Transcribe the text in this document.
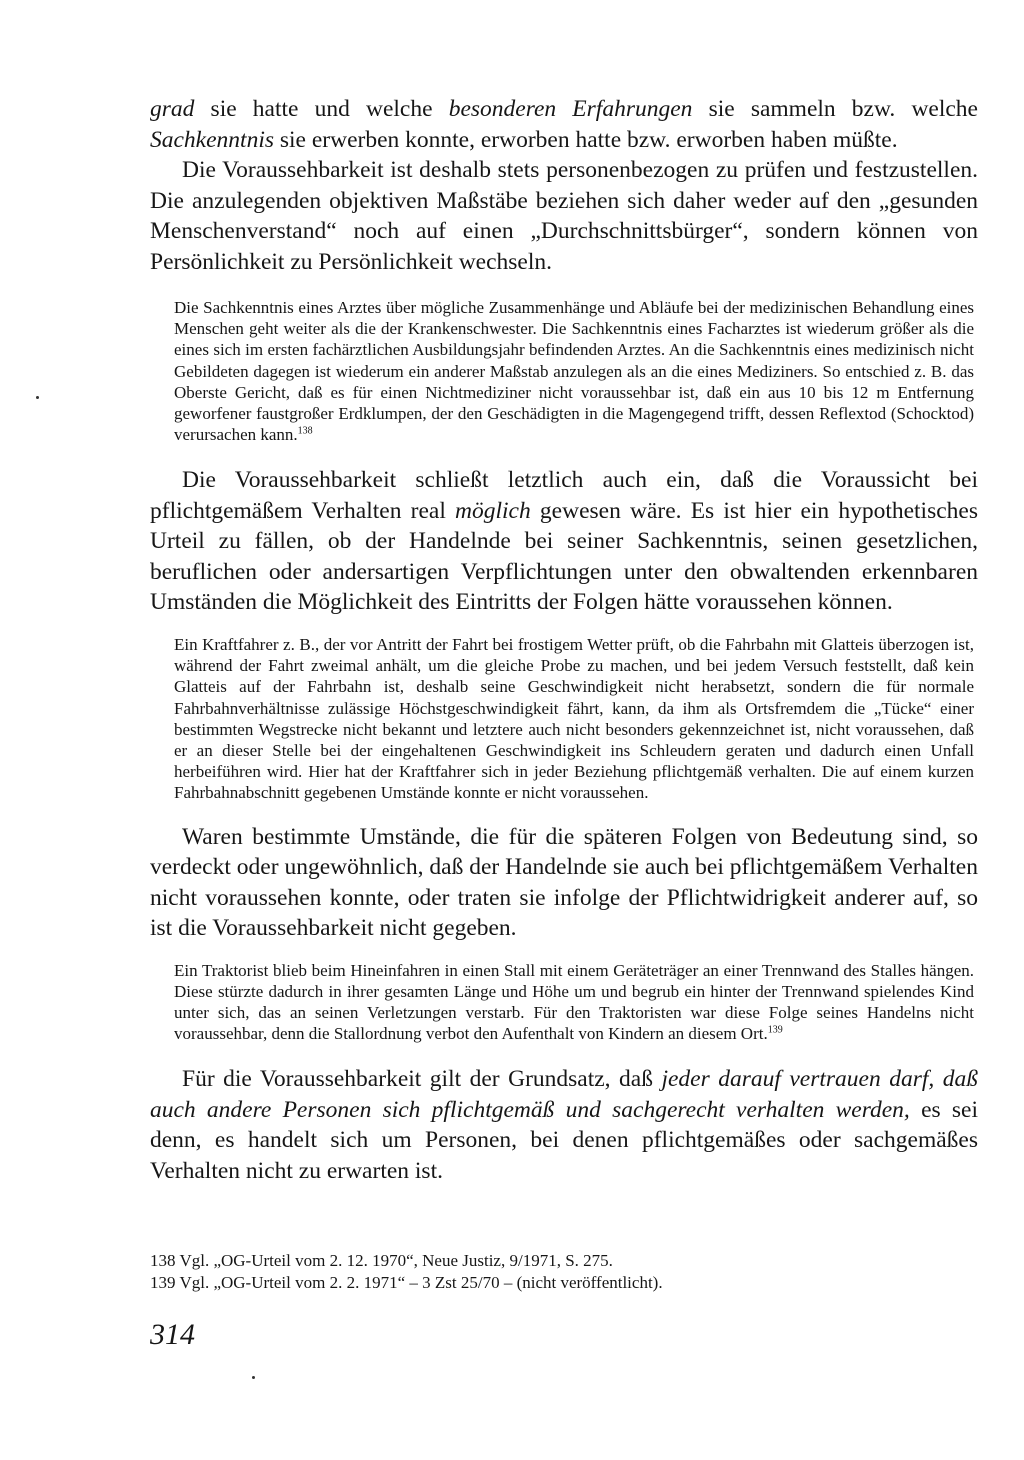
grad sie hatte und welche besonderen Erfahrungen sie sammeln bzw. welche Sachkenntnis sie erwerben konnte, erworben hatte bzw. erworben haben müßte.

Die Voraussehbarkeit ist deshalb stets personenbezogen zu prüfen und festzustellen. Die anzulegenden objektiven Maßstäbe beziehen sich daher weder auf den „gesunden Menschenverstand“ noch auf einen „Durchschnittsbürger“, sondern können von Persönlichkeit zu Persönlichkeit wechseln.

Die Sachkenntnis eines Arztes über mögliche Zusammenhänge und Abläufe bei der medizinischen Behandlung eines Menschen geht weiter als die der Krankenschwester. Die Sachkenntnis eines Facharztes ist wiederum größer als die eines sich im ersten fachärztlichen Ausbildungsjahr befindenden Arztes. An die Sachkenntnis eines medizinisch nicht Gebildeten dagegen ist wiederum ein anderer Maßstab anzulegen als an die eines Mediziners. So entschied z. B. das Oberste Gericht, daß es für einen Nichtmediziner nicht voraussehbar ist, daß ein aus 10 bis 12 m Entfernung geworfener faustgroßer Erdklumpen, der den Geschädigten in die Magengegend trifft, dessen Reflextod (Schocktod) verursachen kann.$^{138}$

Die Voraussehbarkeit schließt letztlich auch ein, daß die Voraussicht bei pflichtgemäßem Verhalten real möglich gewesen wäre. Es ist hier ein hypothetisches Urteil zu fällen, ob der Handelnde bei seiner Sachkenntnis, seinen gesetzlichen, beruflichen oder andersartigen Verpflichtungen unter den obwaltenden erkennbaren Umständen die Möglichkeit des Eintritts der Folgen hätte voraussehen können.

Ein Kraftfahrer z. B., der vor Antritt der Fahrt bei frostigem Wetter prüft, ob die Fahrbahn mit Glatteis überzogen ist, während der Fahrt zweimal anhält, um die gleiche Probe zu machen, und bei jedem Versuch feststellt, daß kein Glatteis auf der Fahrbahn ist, deshalb seine Geschwindigkeit nicht herabsetzt, sondern die für normale Fahrbahnverhältnisse zulässige Höchstgeschwindigkeit fährt, kann, da ihm als Ortsfremdem die „Tücke“ einer bestimmten Wegstrecke nicht bekannt und letztere auch nicht besonders gekennzeichnet ist, nicht voraussehen, daß er an dieser Stelle bei der eingehaltenen Geschwindigkeit ins Schleudern geraten und dadurch einen Unfall herbeiführen wird. Hier hat der Kraftfahrer sich in jeder Beziehung pflichtgemäß verhalten. Die auf einem kurzen Fahrbahnabschnitt gegebenen Umstände konnte er nicht voraussehen.

Waren bestimmte Umstände, die für die späteren Folgen von Bedeutung sind, so verdeckt oder ungewöhnlich, daß der Handelnde sie auch bei pflichtgemäßem Verhalten nicht voraussehen konnte, oder traten sie infolge der Pflichtwidrigkeit anderer auf, so ist die Voraussehbarkeit nicht gegeben.

Ein Traktorist blieb beim Hineinfahren in einen Stall mit einem Geräteträger an einer Trennwand des Stalles hängen. Diese stürzte dadurch in ihrer gesamten Länge und Höhe um und begrub ein hinter der Trennwand spielendes Kind unter sich, das an seinen Verletzungen verstarb. Für den Traktoristen war diese Folge seines Handelns nicht voraussehbar, denn die Stallordnung verbot den Aufenthalt von Kindern an diesem Ort.$^{139}$

Für die Voraussehbarkeit gilt der Grundsatz, daß jeder darauf vertrauen darf, daß auch andere Personen sich pflichtgemäß und sachgerecht verhalten werden, es sei denn, es handelt sich um Personen, bei denen pflichtgemäßes oder sachgemäßes Verhalten nicht zu erwarten ist.

138 Vgl. „OG-Urteil vom 2. 12. 1970“, Neue Justiz, 9/1971, S. 275.

139 Vgl. „OG-Urteil vom 2. 2. 1971“ – 3 Zst 25/70 – (nicht veröffentlicht).

314
